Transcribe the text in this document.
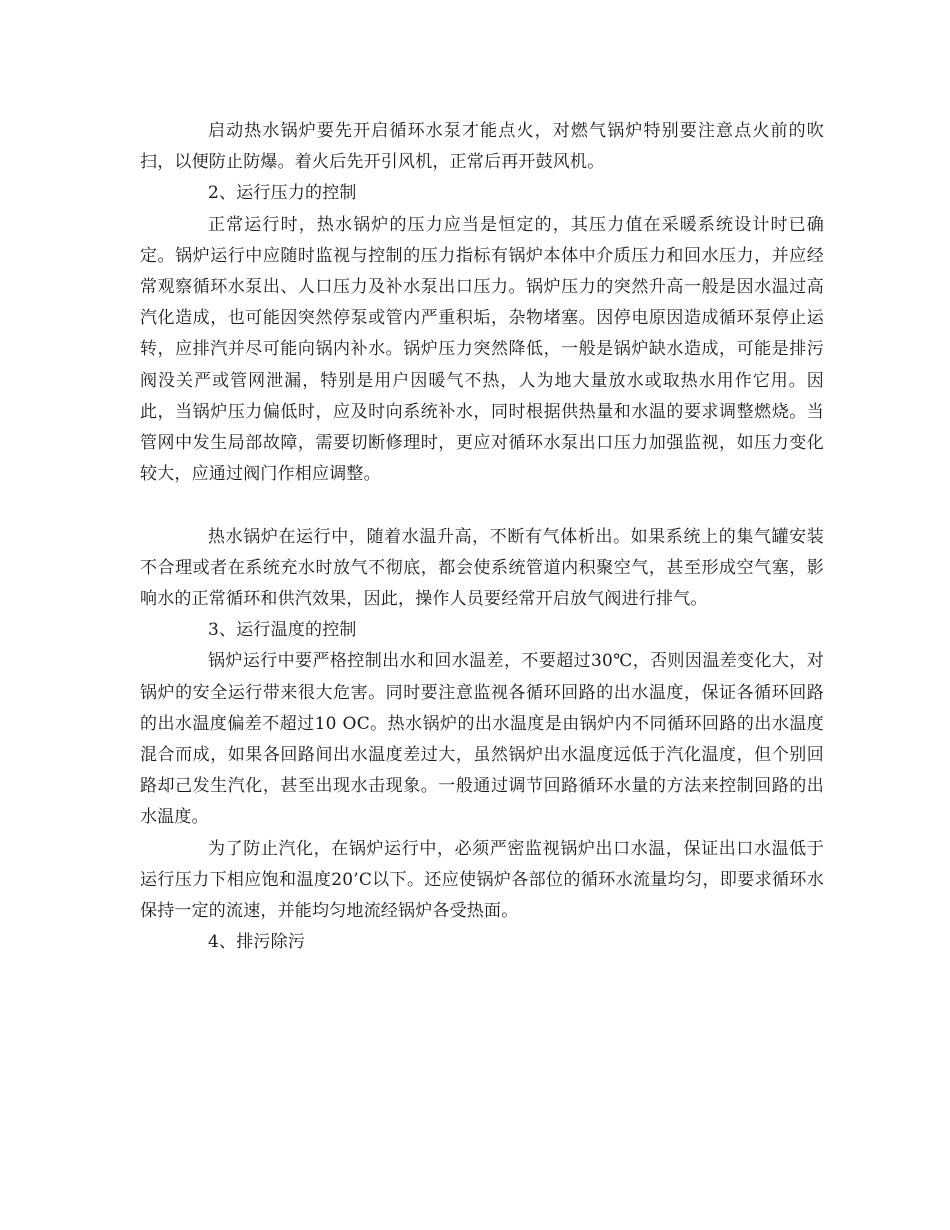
启动热水锅炉要先开启循环水泵才能点火，对燃气锅炉特别要注意点火前的吹扫，以便防止防爆。着火后先开引风机，正常后再开鼓风机。

2、运行压力的控制

正常运行时，热水锅炉的压力应当是恒定的，其压力值在采暖系统设计时已确定。锅炉运行中应随时监视与控制的压力指标有锅炉本体中介质压力和回水压力，并应经常观察循环水泵出、人口压力及补水泵出口压力。锅炉压力的突然升高一般是因水温过高汽化造成，也可能因突然停泵或管内严重积垢，杂物堵塞。因停电原因造成循环泵停止运转，应排汽并尽可能向锅内补水。锅炉压力突然降低，一般是锅炉缺水造成，可能是排污阀没关严或管网泄漏，特别是用户因暖气不热，人为地大量放水或取热水用作它用。因此，当锅炉压力偏低时，应及时向系统补水，同时根据供热量和水温的要求调整燃烧。当管网中发生局部故障，需要切断修理时，更应对循环水泵出口压力加强监视，如压力变化较大，应通过阀门作相应调整。

热水锅炉在运行中，随着水温升高，不断有气体析出。如果系统上的集气罐安装不合理或者在系统充水时放气不彻底，都会使系统管道内积聚空气，甚至形成空气塞，影响水的正常循环和供汽效果，因此，操作人员要经常开启放气阀进行排气。

3、运行温度的控制

锅炉运行中要严格控制出水和回水温差，不要超过30℃，否则因温差变化大，对锅炉的安全运行带来很大危害。同时要注意监视各循环回路的出水温度，保证各循环回路的出水温度偏差不超过10 OC。热水锅炉的出水温度是由锅炉内不同循环回路的出水温度混合而成，如果各回路间出水温度差过大，虽然锅炉出水温度远低于汽化温度，但个别回路却己发生汽化，甚至出现水击现象。一般通过调节回路循环水量的方法来控制回路的出水温度。

为了防止汽化，在锅炉运行中，必须严密监视锅炉出口水温，保证出口水温低于运行压力下相应饱和温度20’C以下。还应使锅炉各部位的循环水流量均匀，即要求循环水保持一定的流速，并能均匀地流经锅炉各受热面。

4、排污除污
